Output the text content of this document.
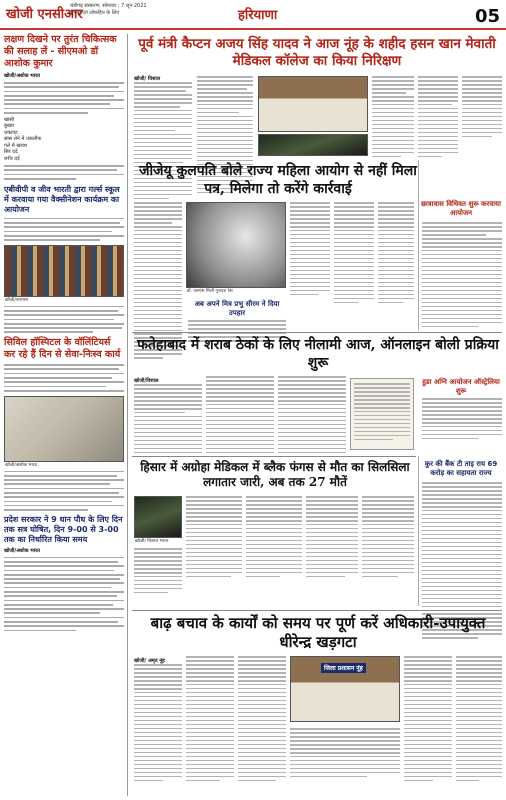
खोजी एनसीआर
चंडीगढ़ संस्करण, सोमवार : 7 जून 2021
सूचना एवं लोकहित के लिए	हरियाणा	05
लक्षण दिखने पर तुरंत चिकित्सक की सलाह लें - सीएमओ डॉ आशोक कुमार
खोजी/अशोक भारत
खांसी
बुखार
थकावट
सांस लेने में तकलीफ
गले में खराश
सिर दर्द
शरीर दर्द
एबीवीपी व जीव भारती द्वारा गर्ल्स स्कूल में करवाया गया वैक्सीनेशन कार्यक्रम का आयोजन
खोजी/नारायण
सिविल हॉस्पिटल के वॉलिंटियर्स कर रहे हैं दिन से सेवा-निःस्व कार्य
खोजी/अशोक भारत
प्रदेश सरकार ने 9 धान पौध के लिए दिन तक सत्र घोषित, दिन 9-00 से 3-00 तक का निर्धारित किया समय
खोजी/अशोक भारत
पूर्व मंत्री कैप्टन अजय सिंह यादव ने आज नूंह के शहीद हसन खान मेवाती मेडिकल कॉलेज का किया निरिक्षण
खोजी/ विशाल
जीजेयू कुलपति बोले राज्य महिला आयोग से नहीं मिला पत्र, मिलेगा तो करेंगे कार्रवाई
छात्रावास विधिवत शुरू करवाया आयोजन
डॉ. एसएस मिली गुलदरा रेस
अब अपने मित्र प्रभु सीरम ने दिया उपहार
फतेहाबाद में शराब ठेकों के लिए नीलामी आज, ऑनलाइन बोली प्रक्रिया शुरू
खोजी/विशाल	हुडा अग्नि आयोजन ऑस्ट्रेलिया शुरू
हिसार में अग्रोहा मेडिकल में ब्लैक फंगस से मौत का सिलसिला लगातार जारी, अब तक 27 मौतें
खोजी/ विशाल भारत
कुर की बैंक टी ताइ राय 69 करोड़ का सहायता राज्य
बाढ़ बचाव के कार्यों को समय पर पूर्ण करें अधिकारी-उपायुक्त धीरेन्द्र खड़गटा
खोजी/ अमृत नूंह
जिला प्रशासन नूंह
